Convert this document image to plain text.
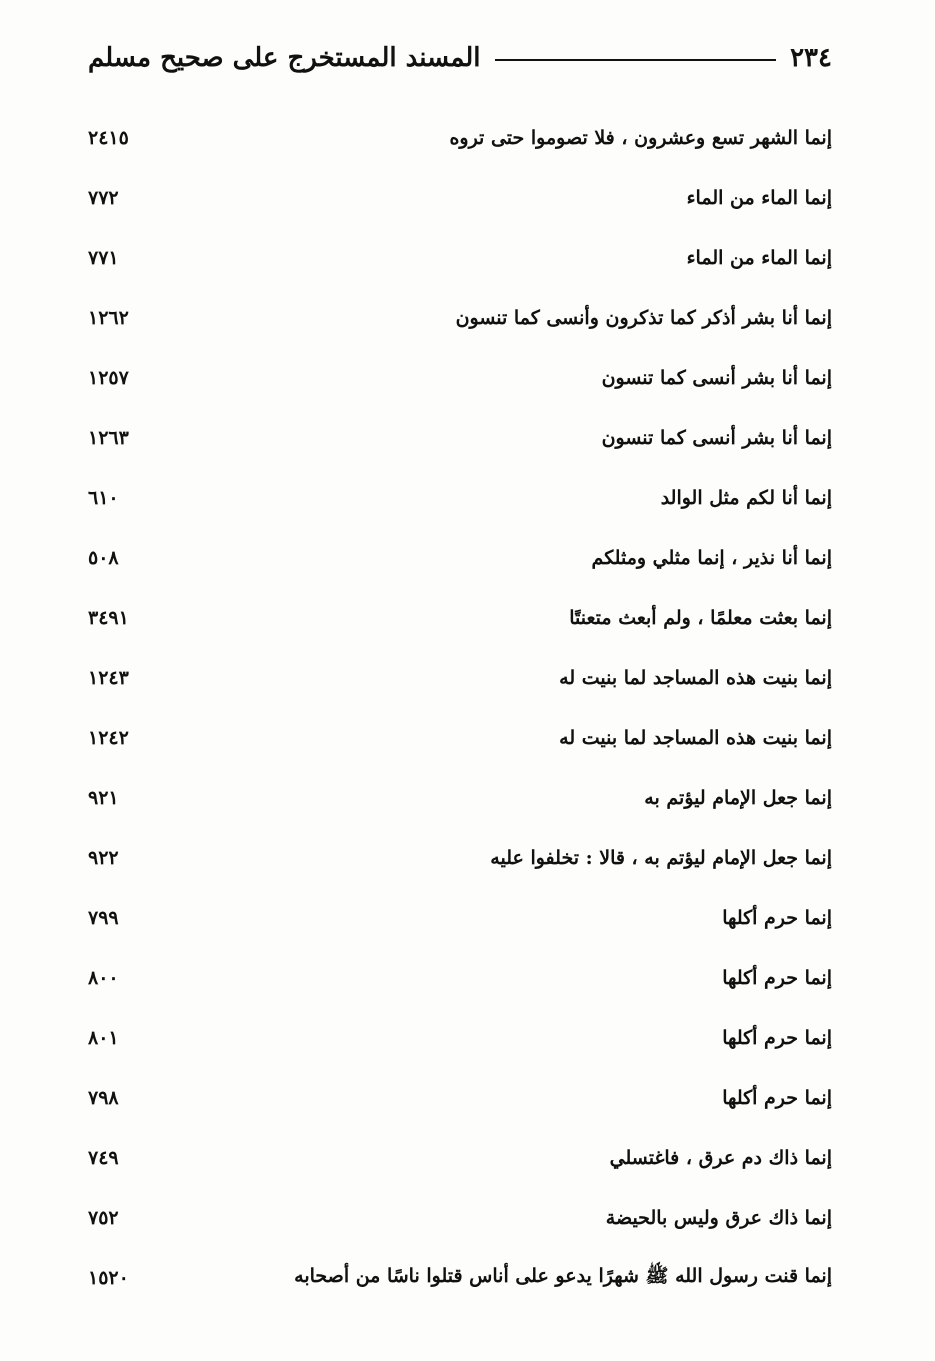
٢٣٤
المسند المستخرج على صحيح مسلم
إنما الشهر تسع وعشرون ، فلا تصوموا حتى تروه
٢٤١٥
إنما الماء من الماء
٧٧٢
إنما الماء من الماء
٧٧١
إنما أنا بشر أذكر كما تذكرون وأنسى كما تنسون
١٢٦٢
إنما أنا بشر أنسى كما تنسون
١٢٥٧
إنما أنا بشر أنسى كما تنسون
١٢٦٣
إنما أنا لكم مثل الوالد
٦١٠
إنما أنا نذير ، إنما مثلي ومثلكم
٥٠٨
إنما بعثت معلمًا ، ولم أبعث متعنتًا
٣٤٩١
إنما بنيت هذه المساجد لما بنيت له
١٢٤٣
إنما بنيت هذه المساجد لما بنيت له
١٢٤٢
إنما جعل الإمام ليؤتم به
٩٢١
إنما جعل الإمام ليؤتم به ، قالا : تخلفوا عليه
٩٢٢
إنما حرم أكلها
٧٩٩
إنما حرم أكلها
٨٠٠
إنما حرم أكلها
٨٠١
إنما حرم أكلها
٧٩٨
إنما ذاك دم عرق ، فاغتسلي
٧٤٩
إنما ذاك عرق وليس بالحيضة
٧٥٢
إنما قنت رسول الله ﷺ شهرًا يدعو على أناس قتلوا ناسًا من أصحابه
١٥٢٠
